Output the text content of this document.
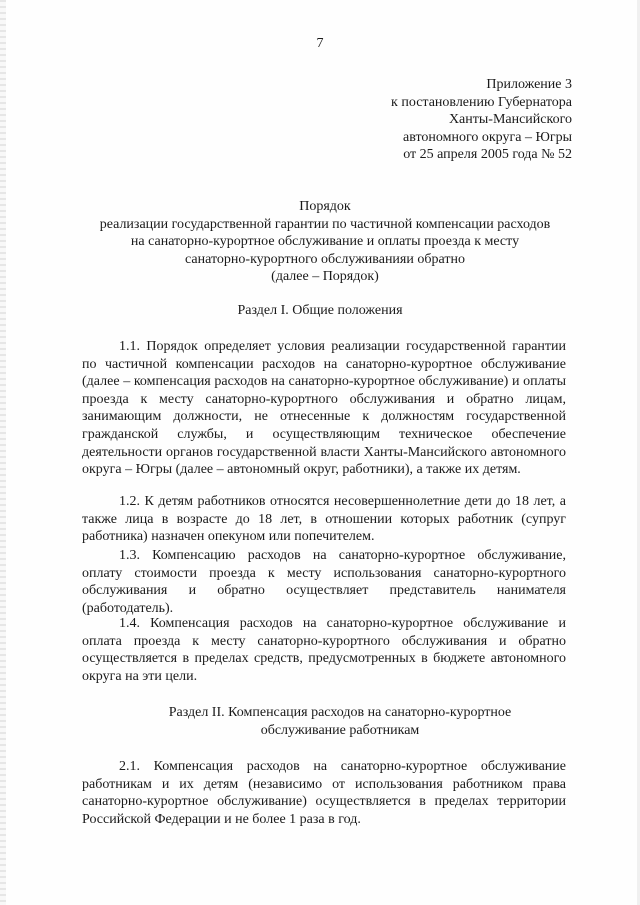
7
Приложение 3
к постановлению Губернатора
Ханты-Мансийского
автономного округа – Югры
от 25 апреля 2005 года № 52
Порядок
реализации государственной гарантии по частичной компенсации расходов
на санаторно-курортное обслуживание и оплаты проезда к месту
санаторно-курортного обслуживанияи обратно
(далее – Порядок)
Раздел I. Общие положения

1.1. Порядок определяет условия реализации государственной гарантии по частичной компенсации расходов на санаторно-курортное обслуживание (далее – компенсация расходов на санаторно-курортное обслуживание) и оплаты проезда к месту санаторно-курортного обслуживания и обратно лицам, занимающим должности, не отнесенные к должностям государственной гражданской службы, и осуществляющим техническое обеспечение деятельности органов государственной власти Ханты-Мансийского автономного округа – Югры (далее – автономный округ, работники), а также их детям.

1.2. К детям работников относятся несовершеннолетние дети до 18 лет, а также лица в возрасте до 18 лет, в отношении которых работник (супруг работника) назначен опекуном или попечителем.

1.3. Компенсацию расходов на санаторно-курортное обслуживание, оплату стоимости проезда к месту использования санаторно-курортного обслуживания и обратно осуществляет представитель нанимателя (работодатель).

1.4. Компенсация расходов на санаторно-курортное обслуживание и оплата проезда к месту санаторно-курортного обслуживания и обратно осуществляется в пределах средств, предусмотренных в бюджете автономного округа на эти цели.

Раздел II. Компенсация расходов на санаторно-курортное
обслуживание работникам

2.1. Компенсация расходов на санаторно-курортное обслуживание работникам и их детям (независимо от использования работником права санаторно-курортное обслуживание) осуществляется в пределах территории Российской Федерации и не более 1 раза в год.
